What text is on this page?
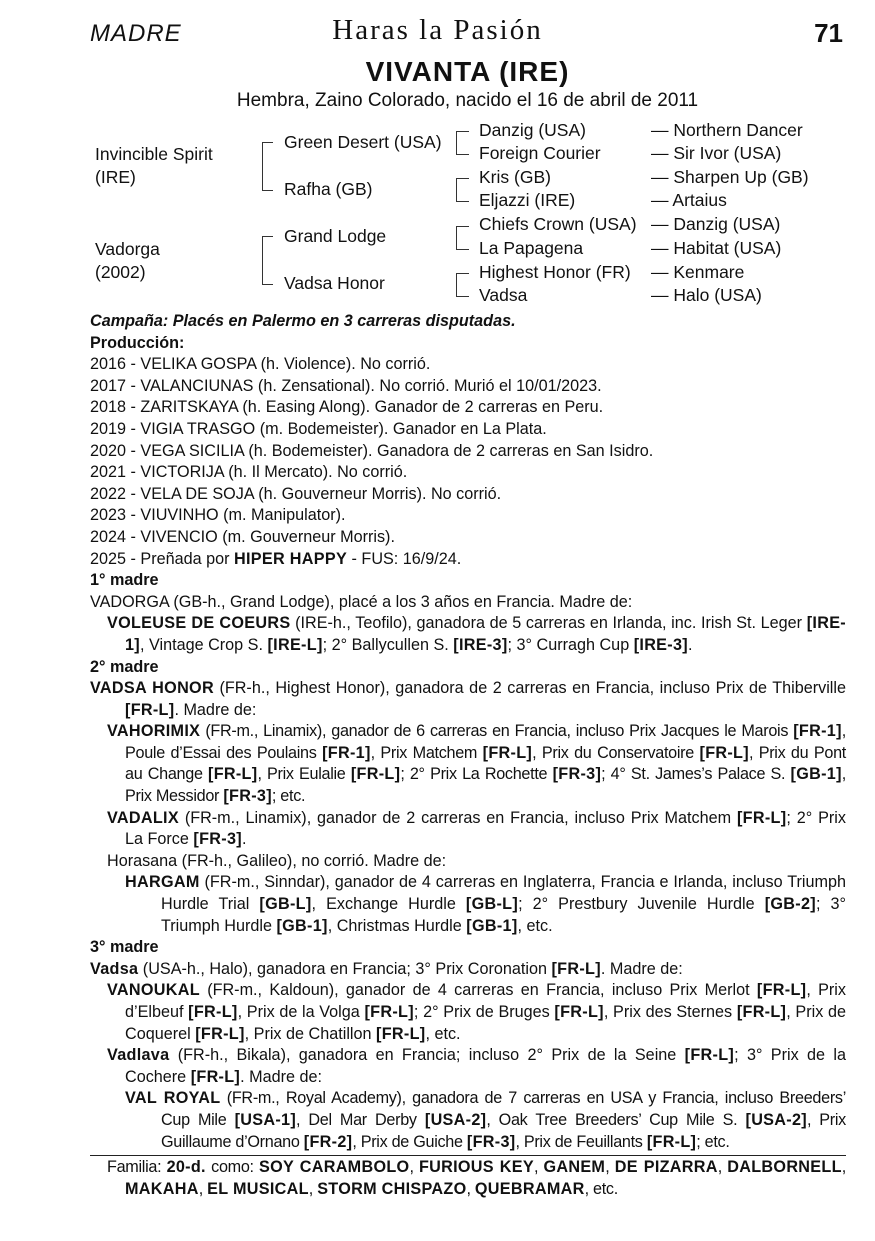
MADRE	Haras la Pasión	71
VIVANTA (IRE)
Hembra, Zaino Colorado, nacido el 16 de abril de 2011
Invincible Spirit
(IRE)
Vadorga
(2002)
Green Desert (USA)
Rafha (GB)
Grand Lodge
Vadsa Honor
Danzig (USA)
Foreign Courier
Kris (GB)
Eljazzi (IRE)
Chiefs Crown (USA)
La Papagena
Highest Honor (FR)
Vadsa
— Northern Dancer
— Sir Ivor (USA)
— Sharpen Up (GB)
— Artaius
— Danzig (USA)
— Habitat (USA)
— Kenmare
— Halo (USA)
Campaña: Placés en Palermo en 3 carreras disputadas.
Producción:
2016 - VELIKA GOSPA (h. Violence). No corrió.
2017 - VALANCIUNAS (h. Zensational). No corrió. Murió el 10/01/2023.
2018 - ZARITSKAYA (h. Easing Along). Ganador de 2 carreras en Peru.
2019 - VIGIA TRASGO (m. Bodemeister). Ganador en La Plata.
2020 - VEGA SICILIA (h. Bodemeister). Ganadora de 2 carreras en San Isidro.
2021 - VICTORIJA (h. Il Mercato). No corrió.
2022 - VELA DE SOJA (h. Gouverneur Morris). No corrió.
2023 - VIUVINHO (m. Manipulator).
2024 - VIVENCIO (m. Gouverneur Morris).
2025 - Preñada por HIPER HAPPY - FUS: 16/9/24.
1° madre
VADORGA (GB-h., Grand Lodge), placé a los 3 años en Francia. Madre de:
VOLEUSE DE COEURS (IRE-h., Teofilo), ganadora de 5 carreras en Irlanda, inc. Irish St. Leger [IRE-1], Vintage Crop S. [IRE-L]; 2° Ballycullen S. [IRE-3]; 3° Curragh Cup [IRE-3].
2° madre
VADSA HONOR (FR-h., Highest Honor), ganadora de 2 carreras en Francia, incluso Prix de Thiberville [FR-L]. Madre de:
VAHORIMIX (FR-m., Linamix), ganador de 6 carreras en Francia, incluso Prix Jacques le Marois [FR-1], Poule d’Essai des Poulains [FR-1], Prix Matchem [FR-L], Prix du Conservatoire [FR-L], Prix du Pont au Change [FR-L], Prix Eulalie [FR-L]; 2° Prix La Rochette [FR-3]; 4° St. James’s Palace S. [GB-1], Prix Messidor [FR-3]; etc.
VADALIX (FR-m., Linamix), ganador de 2 carreras en Francia, incluso Prix Matchem [FR-L]; 2° Prix La Force [FR-3].
Horasana (FR-h., Galileo), no corrió. Madre de:
HARGAM (FR-m., Sinndar), ganador de 4 carreras en Inglaterra, Francia e Irlanda, incluso Triumph Hurdle Trial [GB-L], Exchange Hurdle [GB-L]; 2° Prestbury Juvenile Hurdle [GB-2]; 3° Triumph Hurdle [GB-1], Christmas Hurdle [GB-1], etc.
3° madre
Vadsa (USA-h., Halo), ganadora en Francia; 3° Prix Coronation [FR-L]. Madre de:
VANOUKAL (FR-m., Kaldoun), ganador de 4 carreras en Francia, incluso Prix Merlot [FR-L], Prix d’Elbeuf [FR-L], Prix de la Volga [FR-L]; 2° Prix de Bruges [FR-L], Prix des Sternes [FR-L], Prix de Coquerel [FR-L], Prix de Chatillon [FR-L], etc.
Vadlava (FR-h., Bikala), ganadora en Francia; incluso 2° Prix de la Seine [FR-L]; 3° Prix de la Cochere [FR-L]. Madre de:
VAL ROYAL (FR-m., Royal Academy), ganadora de 7 carreras en USA y Francia, incluso Breeders’ Cup Mile [USA-1], Del Mar Derby [USA-2], Oak Tree Breeders’ Cup Mile S. [USA-2], Prix Guillaume d’Ornano [FR-2], Prix de Guiche [FR-3], Prix de Feuillants [FR-L]; etc.
Familia: 20-d. como: SOY CARAMBOLO, FURIOUS KEY, GANEM, DE PIZARRA, DALBORNELL, MAKAHA, EL MUSICAL, STORM CHISPAZO, QUEBRAMAR, etc.
